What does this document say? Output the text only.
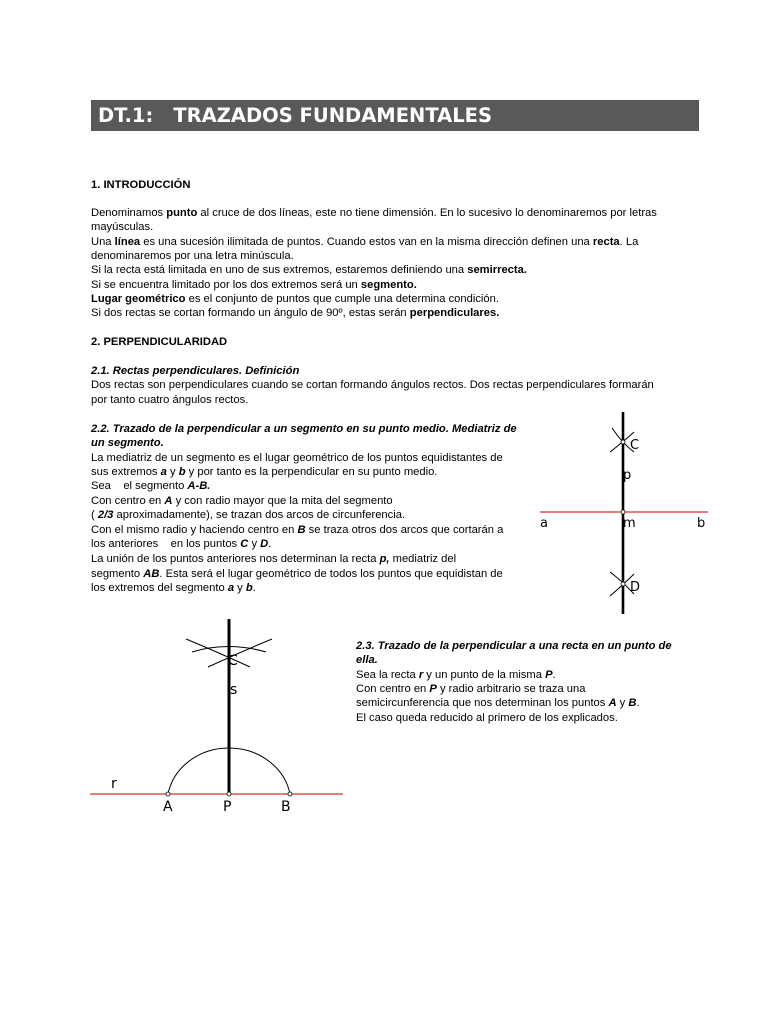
DT.1: TRAZADOS FUNDAMENTALES
1. INTRODUCCIÓN
Denominamos punto al cruce de dos líneas, este no tiene dimensión. En lo sucesivo lo denominaremos por letras
mayúsculas.
Una línea es una sucesión ilimitada de puntos. Cuando estos van en la misma dirección definen una recta. La
denominaremos por una letra minúscula.
Si la recta está limitada en uno de sus extremos, estaremos definiendo una semirrecta.
Si se encuentra limitado por los dos extremos será un segmento.
Lugar geométrico es el conjunto de puntos que cumple una determina condición.
Si dos rectas se cortan formando un ángulo de 90º, estas serán perpendiculares.
2. PERPENDICULARIDAD
2.1. Rectas perpendiculares. Definición
Dos rectas son perpendiculares cuando se cortan formando ángulos rectos. Dos rectas perpendiculares formarán
por tanto cuatro ángulos rectos.
2.2. Trazado de la perpendicular a un segmento en su punto medio. Mediatriz de
un segmento.
La mediatriz de un segmento es el lugar geométrico de los puntos equidistantes de
sus extremos a y b y por tanto es la perpendicular en su punto medio.
Sea    el segmento A-B.
Con centro en A y con radio mayor que la mita del segmento
( 2/3 aproximadamente), se trazan dos arcos de circunferencia.
Con el mismo radio y haciendo centro en B se traza otros dos arcos que cortarán a
los anteriores    en los puntos C y D.
La unión de los puntos anteriores nos determinan la recta p, mediatriz del
segmento AB. Esta será el lugar geométrico de todos los puntos que equidistan de
los extremos del segmento a y b.
C
p
a	m	b
D
C
s
r
A	P	B
2.3. Trazado de la perpendicular a una recta en un punto de
ella.
Sea la recta r y un punto de la misma P.
Con centro en P y radio arbitrario se traza una
semicircunferencia que nos determinan los puntos A y B.
El caso queda reducido al primero de los explicados.
